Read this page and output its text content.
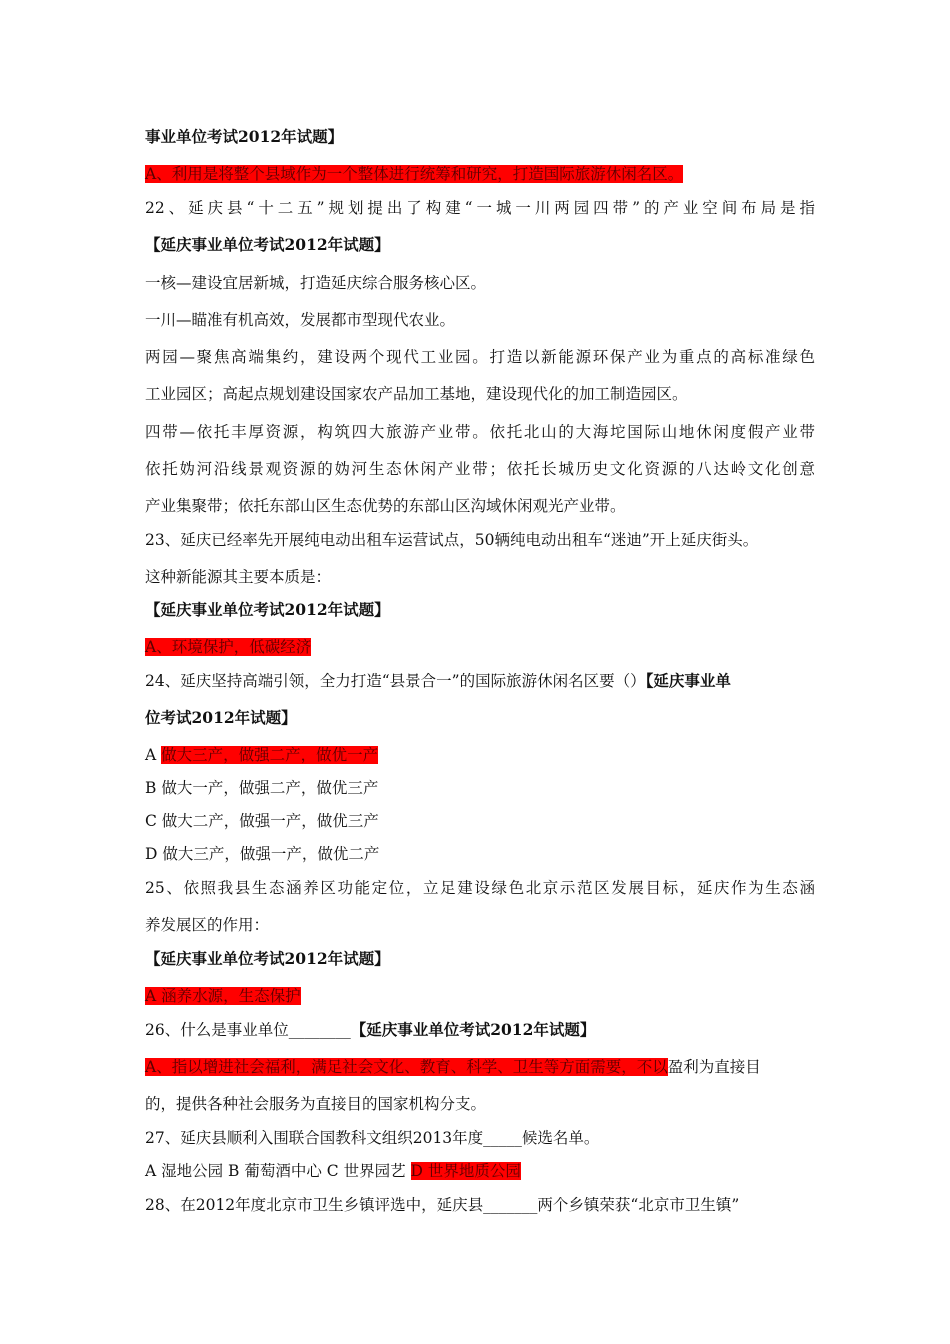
事业单位考试2012年试题】
A、利用是将整个县域作为一个整体进行统筹和研究，打造国际旅游休闲名区。
22、延庆县“十二五”规划提出了构建“一城一川两园四带”的产业空间布局是指
【延庆事业单位考试2012年试题】
一核—建设宜居新城，打造延庆综合服务核心区。
一川—瞄准有机高效，发展都市型现代农业。
两园—聚焦高端集约，建设两个现代工业园。打造以新能源环保产业为重点的高标准绿色
工业园区；高起点规划建设国家农产品加工基地，建设现代化的加工制造园区。
四带—依托丰厚资源，构筑四大旅游产业带。依托北山的大海坨国际山地休闲度假产业带
依托妫河沿线景观资源的妫河生态休闲产业带；依托长城历史文化资源的八达岭文化创意
产业集聚带；依托东部山区生态优势的东部山区沟域休闲观光产业带。
23、延庆已经率先开展纯电动出租车运营试点，50辆纯电动出租车“迷迪”开上延庆街头。
这种新能源其主要本质是：
【延庆事业单位考试2012年试题】
A、环境保护，低碳经济
24、延庆坚持高端引领，全力打造“县景合一”的国际旅游休闲名区要（）【延庆事业单
位考试2012年试题】
A 做大三产，做强二产，做优一产
B 做大一产，做强二产，做优三产
C 做大二产，做强一产，做优三产
D 做大三产，做强一产，做优二产
25、依照我县生态涵养区功能定位，立足建设绿色北京示范区发展目标，延庆作为生态涵
养发展区的作用：
【延庆事业单位考试2012年试题】
A 涵养水源，生态保护
26、什么是事业单位________【延庆事业单位考试2012年试题】
A、指以增进社会福利，满足社会文化、教育、科学、卫生等方面需要，不以盈利为直接目
的，提供各种社会服务为直接目的国家机构分支。
27、延庆县顺利入围联合国教科文组织2013年度_____候选名单。
A 湿地公园 B 葡萄酒中心 C 世界园艺 D 世界地质公园
28、在2012年度北京市卫生乡镇评选中，延庆县_______两个乡镇荣获“北京市卫生镇”
